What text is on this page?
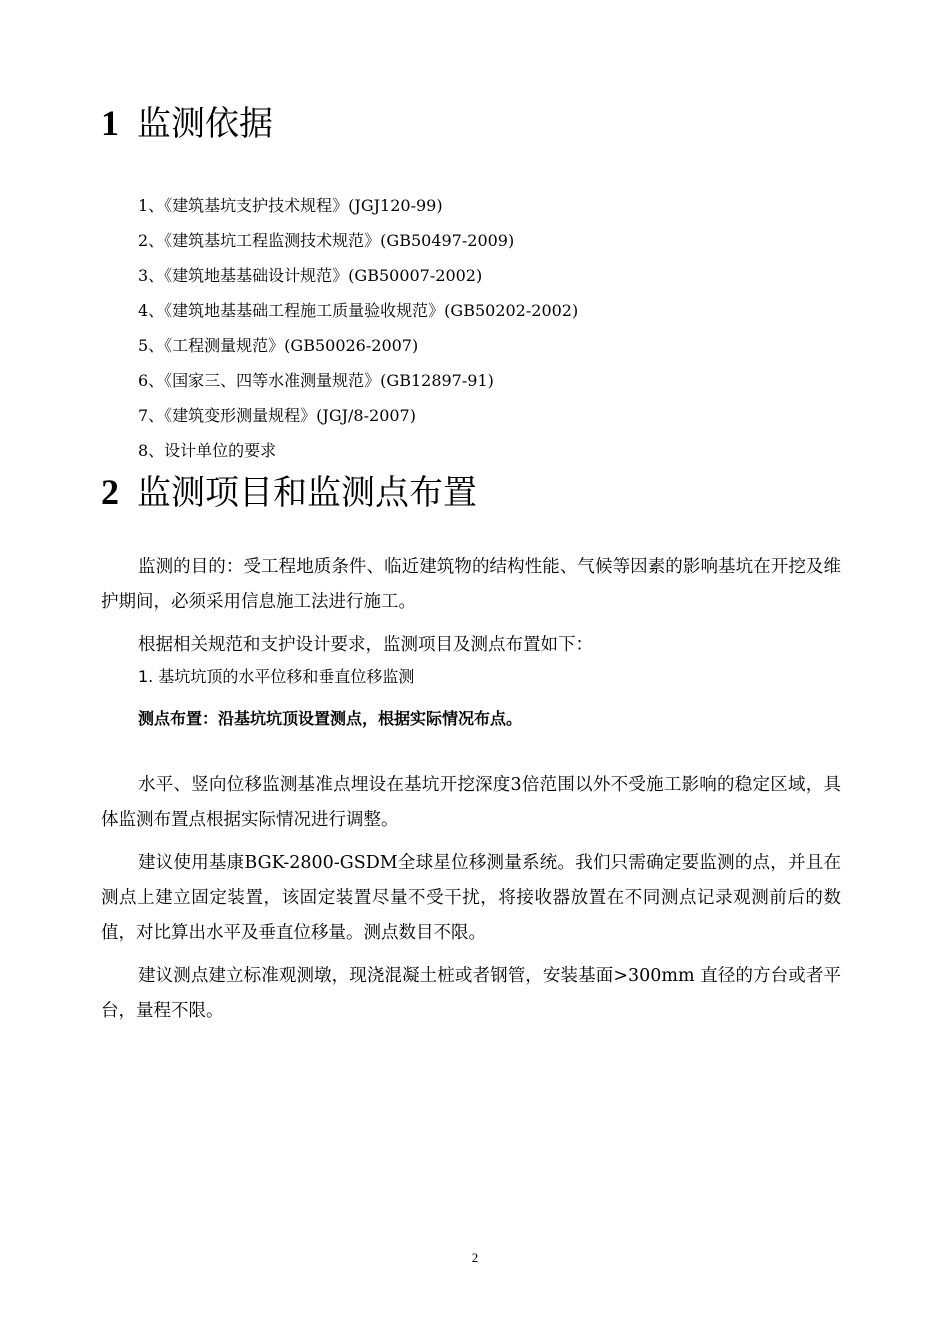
1 监测依据
1、《建筑基坑支护技术规程》(JGJ120-99)
2、《建筑基坑工程监测技术规范》(GB50497-2009)
3、《建筑地基基础设计规范》(GB50007-2002)
4、《建筑地基基础工程施工质量验收规范》(GB50202-2002)
5、《工程测量规范》(GB50026-2007)
6、《国家三、四等水准测量规范》(GB12897-91)
7、《建筑变形测量规程》(JGJ/8-2007)
8、设计单位的要求
2 监测项目和监测点布置

监测的目的：受工程地质条件、临近建筑物的结构性能、气候等因素的影响基坑在开挖及维护期间，必须采用信息施工法进行施工。

根据相关规范和支护设计要求，监测项目及测点布置如下：

1. 基坑坑顶的水平位移和垂直位移监测

测点布置：沿基坑坑顶设置测点，根据实际情况布点。

水平、竖向位移监测基准点埋设在基坑开挖深度3倍范围以外不受施工影响的稳定区域，具体监测布置点根据实际情况进行调整。

建议使用基康BGK-2800-GSDM全球星位移测量系统。我们只需确定要监测的点，并且在测点上建立固定装置，该固定装置尽量不受干扰，将接收器放置在不同测点记录观测前后的数值，对比算出水平及垂直位移量。测点数目不限。

建议测点建立标准观测墩，现浇混凝土桩或者钢管，安装基面>300mm 直径的方台或者平台，量程不限。

2
